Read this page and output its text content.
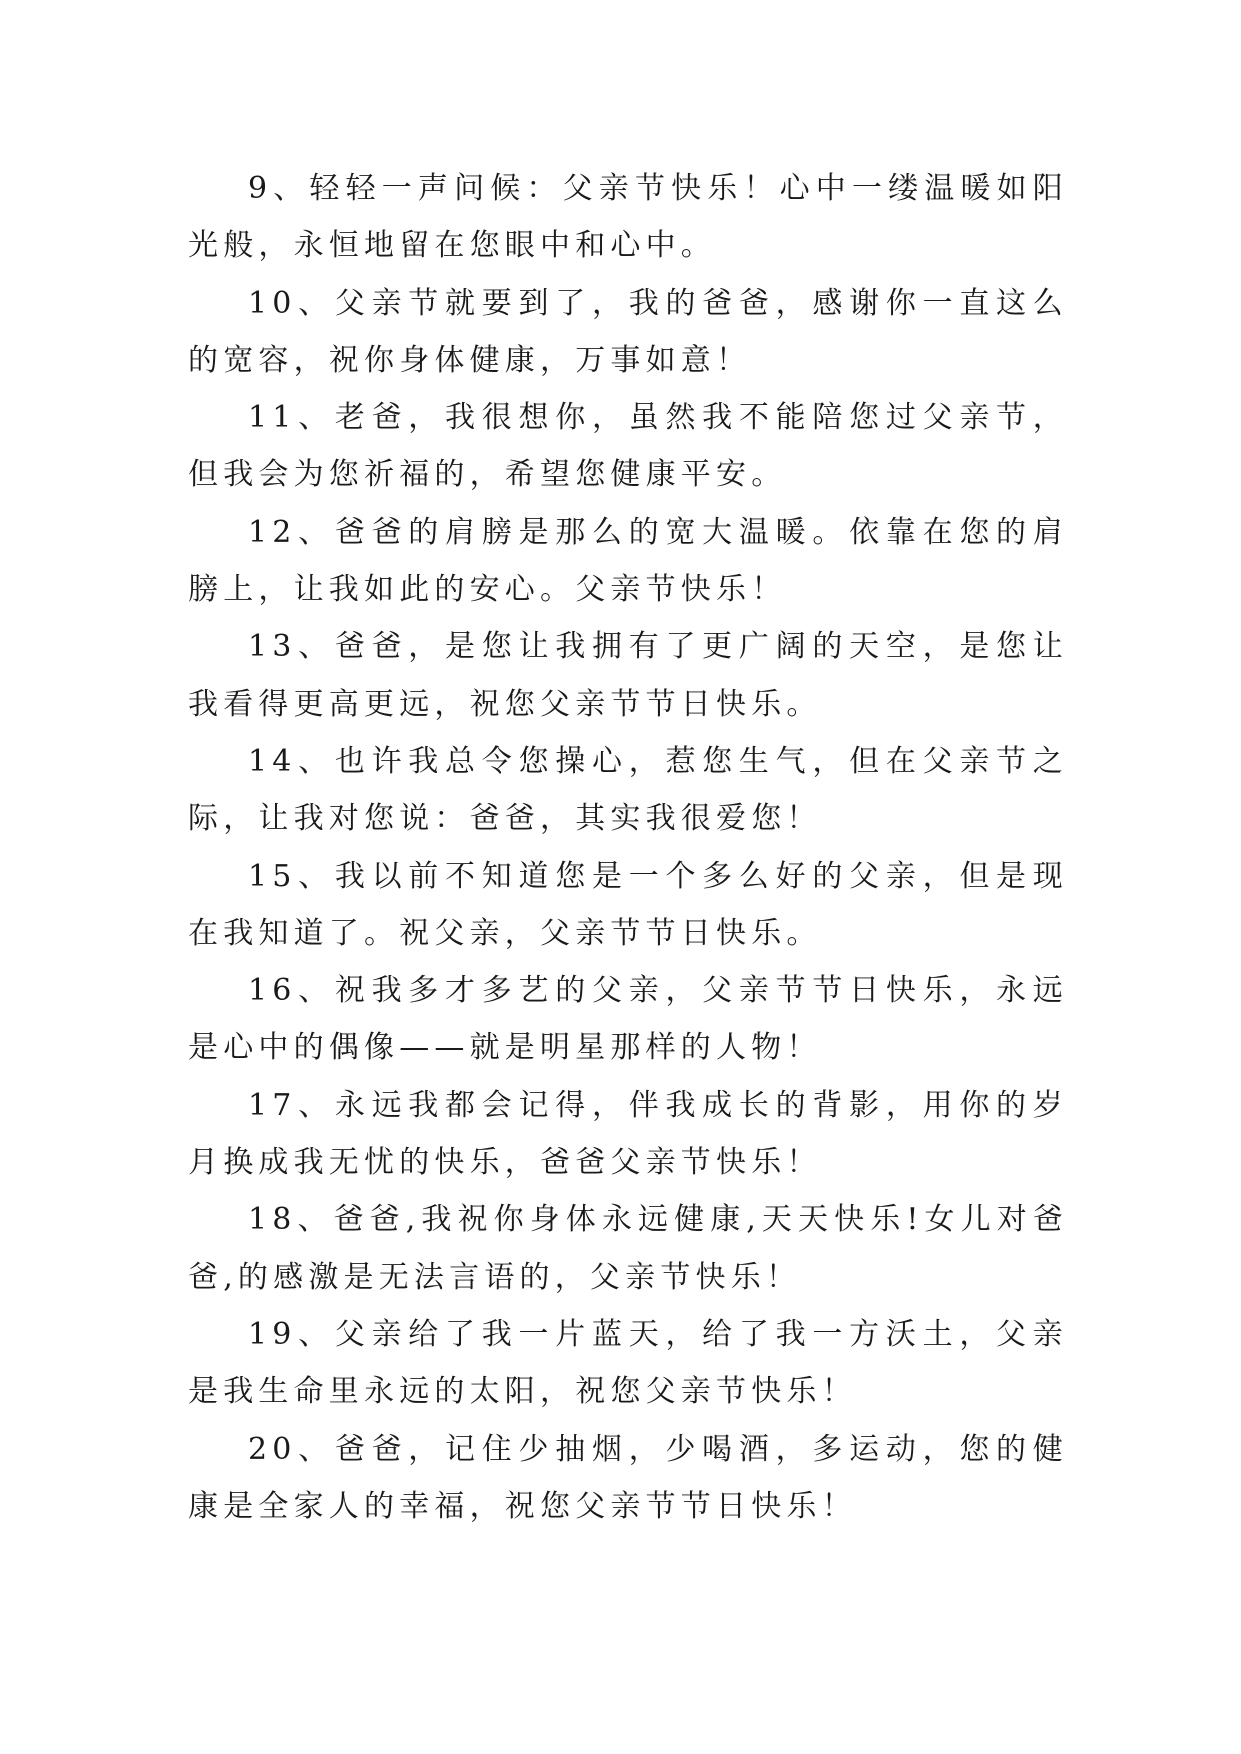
9、轻轻一声问候：父亲节快乐！心中一缕温暖如阳光般，永恒地留在您眼中和心中。

10、父亲节就要到了，我的爸爸，感谢你一直这么的宽容，祝你身体健康，万事如意！

11、老爸，我很想你，虽然我不能陪您过父亲节，但我会为您祈福的，希望您健康平安。

12、爸爸的肩膀是那么的宽大温暖。依靠在您的肩膀上，让我如此的安心。父亲节快乐！

13、爸爸，是您让我拥有了更广阔的天空，是您让我看得更高更远，祝您父亲节节日快乐。

14、也许我总令您操心，惹您生气，但在父亲节之际，让我对您说：爸爸，其实我很爱您！

15、我以前不知道您是一个多么好的父亲，但是现在我知道了。祝父亲，父亲节节日快乐。

16、祝我多才多艺的父亲，父亲节节日快乐，永远是心中的偶像——就是明星那样的人物！

17、永远我都会记得，伴我成长的背影，用你的岁月换成我无忧的快乐，爸爸父亲节快乐！

18、爸爸,我祝你身体永远健康,天天快乐!女儿对爸爸,的感激是无法言语的，父亲节快乐！

19、父亲给了我一片蓝天，给了我一方沃土，父亲是我生命里永远的太阳，祝您父亲节快乐！

20、爸爸，记住少抽烟，少喝酒，多运动，您的健康是全家人的幸福，祝您父亲节节日快乐！
